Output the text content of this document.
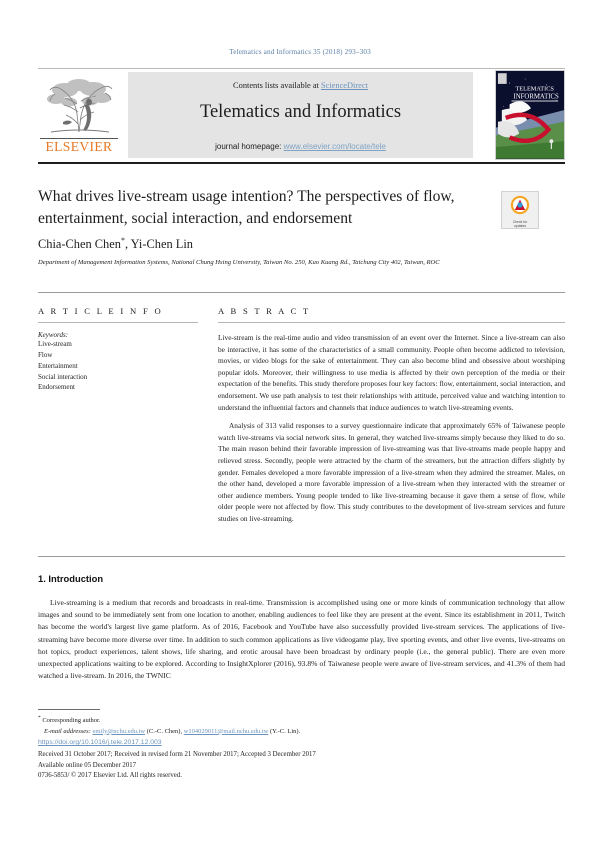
Telematics and Informatics 35 (2018) 293–303
ELSEVIER
Contents lists available at ScienceDirect
Telematics and Informatics
journal homepage: www.elsevier.com/locate/tele
TELEMATICS
INFORMATICS
What drives live-stream usage intention? The perspectives of flow, entertainment, social interaction, and endorsement	Check for
updates
Chia-Chen Chen*, Yi-Chen Lin
Department of Management Information Systems, National Chung Hsing University, Taiwan No. 250, Kuo Kuang Rd., Taichung City 402, Taiwan, ROC
A R T I C L E I N F O
Keywords:
Live-stream
Flow
Entertainment
Social interaction
Endorsement
A B S T R A C T
Live-stream is the real-time audio and video transmission of an event over the Internet. Since a live-stream can also be interactive, it has some of the characteristics of a small community. People often become addicted to television, movies, or video blogs for the sake of entertainment. They can also become blind and obsessive about worshiping popular idols. Moreover, their willingness to use media is affected by their own perception of the media or their expectation of the benefits. This study therefore proposes four key factors: flow, entertainment, social interaction, and endorsement. We use path analysis to test their relationships with attitude, perceived value and watching intention to understand the influential factors and channels that induce audiences to watch live-streaming events.
Analysis of 313 valid responses to a survey questionnaire indicate that approximately 65% of Taiwanese people watch live-streams via social network sites. In general, they watched live-streams simply because they liked to do so. The main reason behind their favorable impression of live-streaming was that live-streams made people happy and relieved stress. Secondly, people were attracted by the charm of the streamers, but the attraction differs slightly by gender. Females developed a more favorable impression of a live-stream when they admired the streamer. Males, on the other hand, developed a more favorable impression of a live-stream when they interacted with the streamer or other audience members. Young people tended to like live-streaming because it gave them a sense of flow, while older people were not affected by flow. This study contributes to the development of live-stream services and future studies on live-streaming.
1. Introduction
Live-streaming is a medium that records and broadcasts in real-time. Transmission is accomplished using one or more kinds of communication technology that allow images and sound to be immediately sent from one location to another, enabling audiences to feel like they are present at the event. Since its establishment in 2011, Twitch has become the world's largest live game platform. As of 2016, Facebook and YouTube have also successfully provided live-stream services. The applications of live-streaming have become more diverse over time. In addition to such common applications as live videogame play, live sporting events, and other live events, live-streams on hot topics, product experiences, talent shows, life sharing, and erotic arousal have been broadcast by ordinary people (i.e., the general public). There are even more unexpected applications waiting to be explored. According to InsightXplorer (2016), 93.8% of Taiwanese people were aware of live-stream services, and 41.3% of them had watched a live-stream. In 2016, the TWNIC
* Corresponding author.
E-mail addresses: emily@nchu.edu.tw (C.-C. Chen), w104029011@mail.nchu.edu.tw (Y.-C. Lin).
https://doi.org/10.1016/j.tele.2017.12.003
Received 31 October 2017; Received in revised form 21 November 2017; Accepted 3 December 2017
Available online 05 December 2017
0736-5853/ © 2017 Elsevier Ltd. All rights reserved.
